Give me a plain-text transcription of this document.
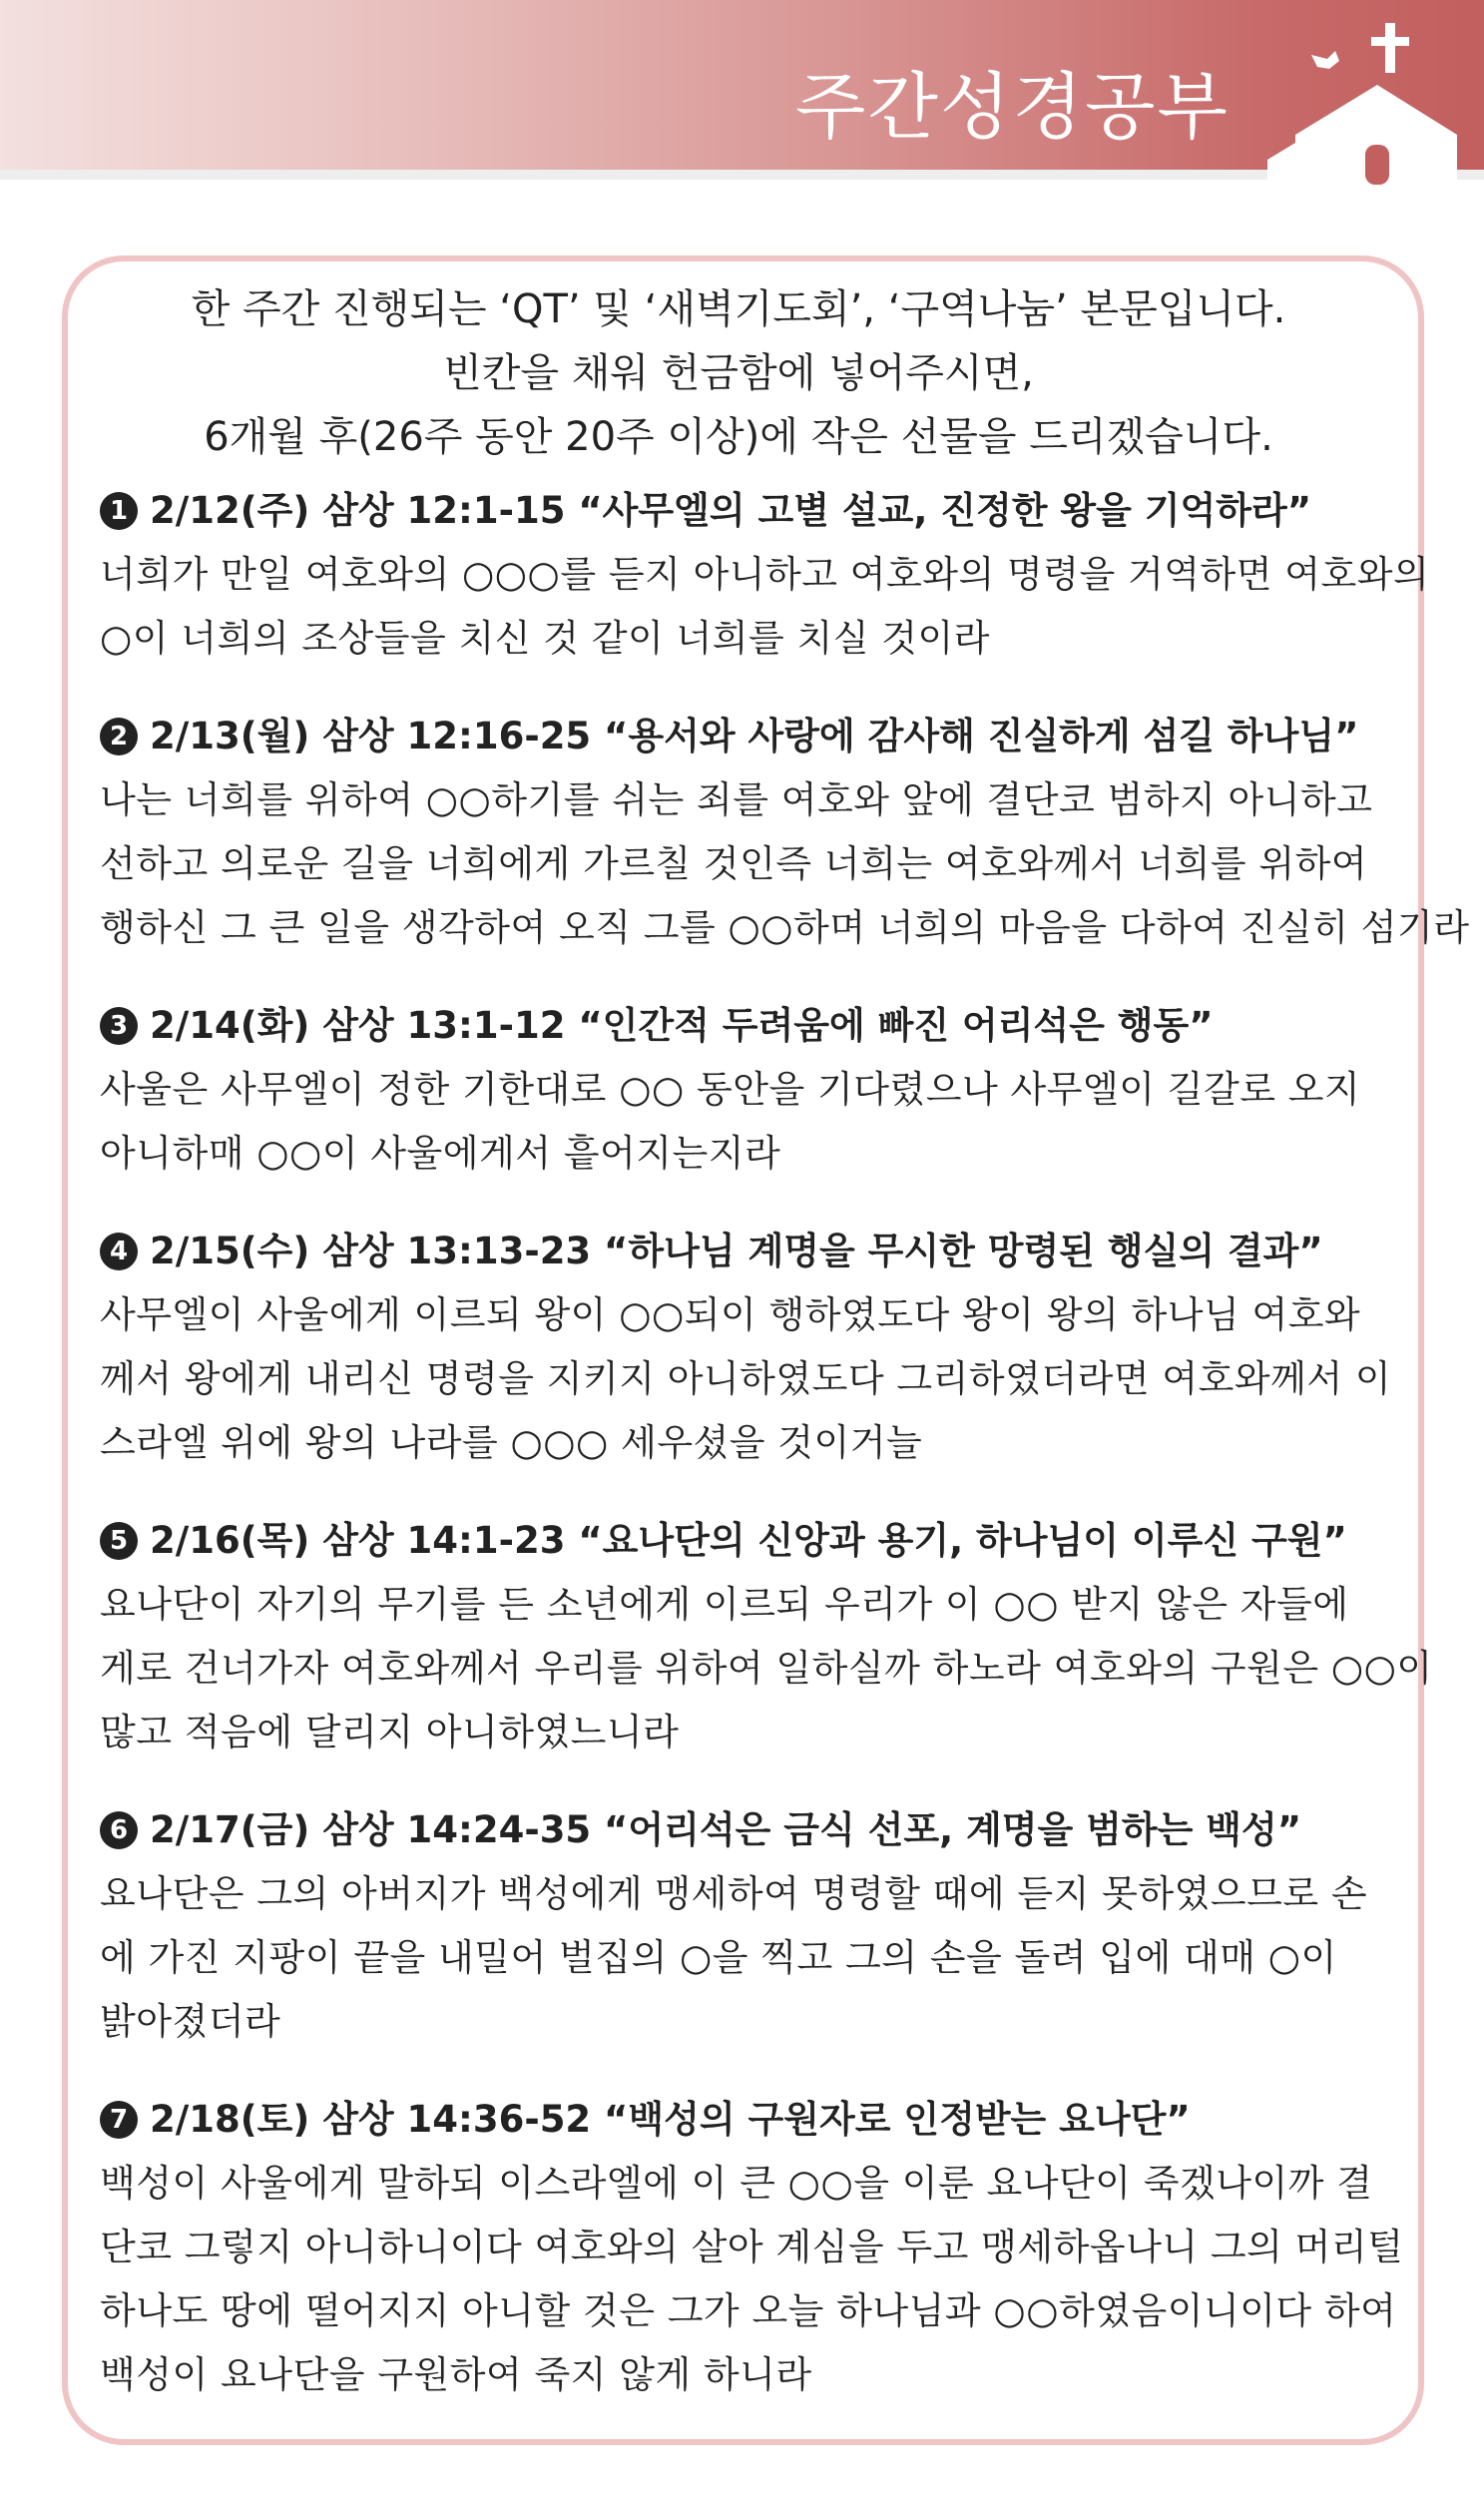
주간성경공부
한 주간 진행되는 ‘QT’ 및 ‘새벽기도회’, ‘구역나눔’ 본문입니다.
빈칸을 채워 헌금함에 넣어주시면,
6개월 후(26주 동안 20주 이상)에 작은 선물을 드리겠습니다.
1 2/12(주) 삼상 12:1-15 “사무엘의 고별 설교, 진정한 왕을 기억하라”
너희가 만일 여호와의 ○○○를 듣지 아니하고 여호와의 명령을 거역하면 여호와의
○이 너희의 조상들을 치신 것 같이 너희를 치실 것이라
2 2/13(월) 삼상 12:16-25 “용서와 사랑에 감사해 진실하게 섬길 하나님”
나는 너희를 위하여 ○○하기를 쉬는 죄를 여호와 앞에 결단코 범하지 아니하고
선하고 의로운 길을 너희에게 가르칠 것인즉 너희는 여호와께서 너희를 위하여
행하신 그 큰 일을 생각하여 오직 그를 ○○하며 너희의 마음을 다하여 진실히 섬기라
3 2/14(화) 삼상 13:1-12 “인간적 두려움에 빠진 어리석은 행동”
사울은 사무엘이 정한 기한대로 ○○ 동안을 기다렸으나 사무엘이 길갈로 오지
아니하매 ○○이 사울에게서 흩어지는지라
4 2/15(수) 삼상 13:13-23 “하나님 계명을 무시한 망령된 행실의 결과”
사무엘이 사울에게 이르되 왕이 ○○되이 행하였도다 왕이 왕의 하나님 여호와
께서 왕에게 내리신 명령을 지키지 아니하였도다 그리하였더라면 여호와께서 이
스라엘 위에 왕의 나라를 ○○○ 세우셨을 것이거늘
5 2/16(목) 삼상 14:1-23 “요나단의 신앙과 용기, 하나님이 이루신 구원”
요나단이 자기의 무기를 든 소년에게 이르되 우리가 이 ○○ 받지 않은 자들에
게로 건너가자 여호와께서 우리를 위하여 일하실까 하노라 여호와의 구원은 ○○이
많고 적음에 달리지 아니하였느니라
6 2/17(금) 삼상 14:24-35 “어리석은 금식 선포, 계명을 범하는 백성”
요나단은 그의 아버지가 백성에게 맹세하여 명령할 때에 듣지 못하였으므로 손
에 가진 지팡이 끝을 내밀어 벌집의 ○을 찍고 그의 손을 돌려 입에 대매 ○이
밝아졌더라
7 2/18(토) 삼상 14:36-52 “백성의 구원자로 인정받는 요나단”
백성이 사울에게 말하되 이스라엘에 이 큰 ○○을 이룬 요나단이 죽겠나이까 결
단코 그렇지 아니하니이다 여호와의 살아 계심을 두고 맹세하옵나니 그의 머리털
하나도 땅에 떨어지지 아니할 것은 그가 오늘 하나님과 ○○하였음이니이다 하여
백성이 요나단을 구원하여 죽지 않게 하니라
